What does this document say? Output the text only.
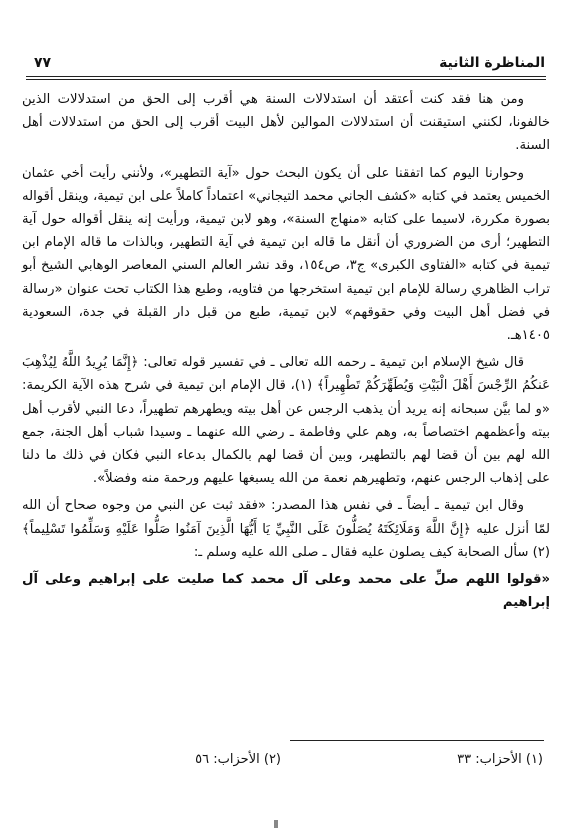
المناظرة الثانية
٧٧

ومن هنا فقد كنت أعتقد أن استدلالات السنة هي أقرب إلى الحق من استدلالات الذين خالفونا، لكنني استيقنت أن استدلالات الموالين لأهل البيت أقرب إلى الحق من استدلالات أهل السنة.

وحوارنا اليوم كما اتفقنا على أن يكون البحث حول «آية التطهير»، ولأنني رأيت أخي عثمان الخميس يعتمد في كتابه «كشف الجاني محمد التيجاني» اعتماداً كاملاً على ابن تيمية، وينقل أقواله بصورة مكررة، لاسيما على كتابه «منهاج السنة»، وهو لابن تيمية، ورأيت إنه ينقل أقواله حول آية التطهير؛ أرى من الضروري أن أنقل ما قاله ابن تيمية في آية التطهير، وبالذات ما قاله الإمام ابن تيمية في كتابه «الفتاوى الكبرى» ج٣، ص١٥٤، وقد نشر العالم السني المعاصر الوهابي الشيخ أبو تراب الظاهري رسالة للإمام ابن تيمية استخرجها من فتاويه، وطبع هذا الكتاب تحت عنوان «رسالة في فضل أهل البيت وفي حقوقهم» لابن تيمية، طبع من قبل دار القبلة في جدة، السعودية ١٤٠٥هـ.

قال شيخ الإسلام ابن تيمية ـ رحمه الله تعالى ـ في تفسير قوله تعالى: ﴿إِنَّمَا يُرِيدُ اللَّهُ لِيُذْهِبَ عَنكُمُ الرِّجْسَ أَهْلَ الْبَيْتِ وَيُطَهِّرَكُمْ تَطْهِيراً﴾ (١)، قال الإمام ابن تيمية في شرح هذه الآية الكريمة: «و لما بيَّن سبحانه إنه يريد أن يذهب الرجس عن أهل بيته ويطهرهم تطهيراً، دعا النبي لأقرب أهل بيته وأعظمهم اختصاصاً به، وهم علي وفاطمة ـ رضي الله عنهما ـ وسيدا شباب أهل الجنة، جمع الله لهم بين أن قضا لهم بالتطهير، وبين أن قضا لهم بالكمال بدعاء النبي فكان في ذلك ما دلنا على إذهاب الرجس عنهم، وتطهيرهم نعمة من الله يسبغها عليهم ورحمة منه وفضلاً».

وقال ابن تيمية ـ أيضاً ـ في نفس هذا المصدر: «فقد ثبت عن النبي من وجوه صحاح أن الله لمّا أنزل عليه ﴿إِنَّ اللَّهَ وَمَلَائِكَتَهُ يُصَلُّونَ عَلَى النَّبِيِّ يَا أَيُّهَا الَّذِينَ آمَنُوا صَلُّوا عَلَيْهِ وَسَلِّمُوا تَسْلِيماً﴾ (٢) سأل الصحابة كيف يصلون عليه فقال ـ صلى الله عليه وسلم ـ:

«قولوا اللهم صلِّ على محمد وعلى آل محمد كما صليت على إبراهيم وعلى آل إبراهيم

(١) الأحزاب: ٣٣
(٢) الأحزاب: ٥٦
